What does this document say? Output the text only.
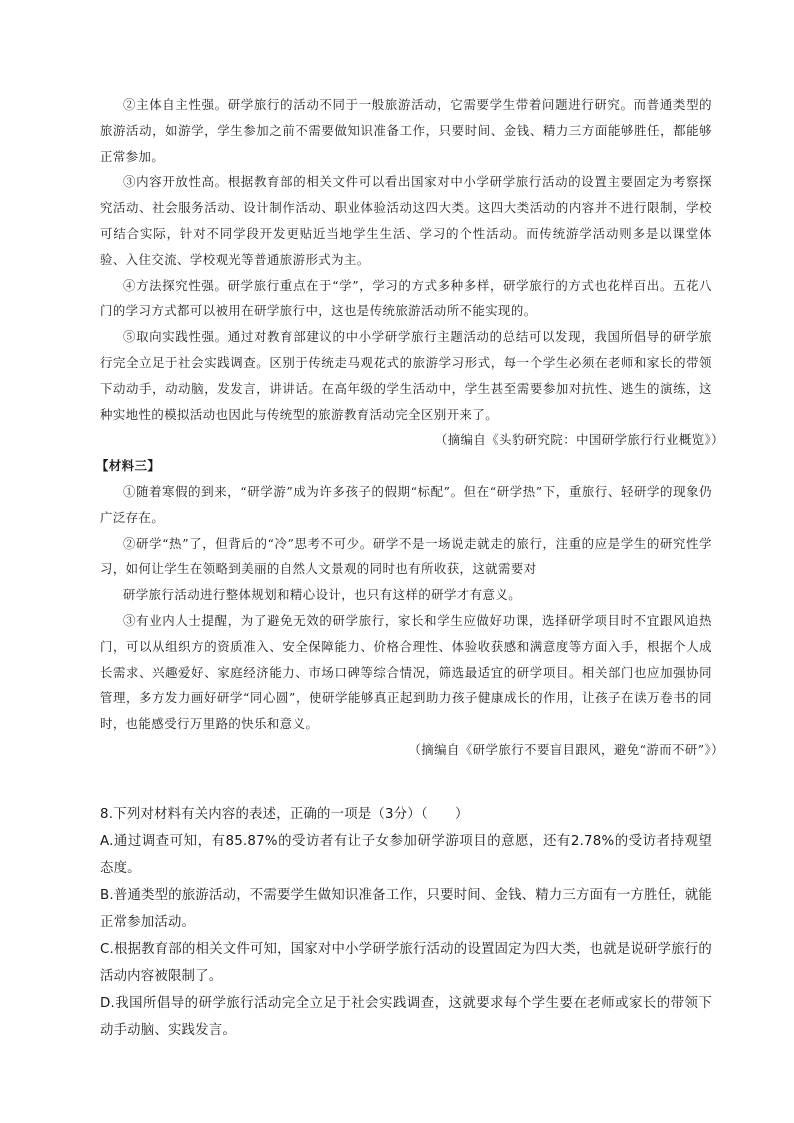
②主体自主性强。研学旅行的活动不同于一般旅游活动，它需要学生带着问题进行研究。而普通类型的旅游活动，如游学，学生参加之前不需要做知识准备工作，只要时间、金钱、精力三方面能够胜任，都能够正常参加。

③内容开放性高。根据教育部的相关文件可以看出国家对中小学研学旅行活动的设置主要固定为考察探究活动、社会服务活动、设计制作活动、职业体验活动这四大类。这四大类活动的内容并不进行限制，学校可结合实际，针对不同学段开发更贴近当地学生生活、学习的个性活动。而传统游学活动则多是以课堂体验、入住交流、学校观光等普通旅游形式为主。

④方法探究性强。研学旅行重点在于“学”，学习的方式多种多样，研学旅行的方式也花样百出。五花八门的学习方式都可以被用在研学旅行中，这也是传统旅游活动所不能实现的。

⑤取向实践性强。通过对教育部建议的中小学研学旅行主题活动的总结可以发现，我国所倡导的研学旅行完全立足于社会实践调查。区别于传统走马观花式的旅游学习形式，每一个学生必须在老师和家长的带领下动动手，动动脑，发发言，讲讲话。在高年级的学生活动中，学生甚至需要参加对抗性、逃生的演练，这种实地性的模拟活动也因此与传统型的旅游教育活动完全区别开来了。

（摘编自《头豹研究院：中国研学旅行行业概览》）

【材料三】

①随着寒假的到来，“研学游”成为许多孩子的假期“标配”。但在“研学热”下，重旅行、轻研学的现象仍广泛存在。

②研学“热”了，但背后的“冷”思考不可少。研学不是一场说走就走的旅行，注重的应是学生的研究性学习，如何让学生在领略到美丽的自然人文景观的同时也有所收获，这就需要对

研学旅行活动进行整体规划和精心设计，也只有这样的研学才有意义。

③有业内人士提醒，为了避免无效的研学旅行，家长和学生应做好功课，选择研学项目时不宜跟风追热门，可以从组织方的资质准入、安全保障能力、价格合理性、体验收获感和满意度等方面入手，根据个人成长需求、兴趣爱好、家庭经济能力、市场口碑等综合情况，筛选最适宜的研学项目。相关部门也应加强协同管理，多方发力画好研学“同心圆”，使研学能够真正起到助力孩子健康成长的作用，让孩子在读万卷书的同时，也能感受行万里路的快乐和意义。

（摘编自《研学旅行不要盲目跟风，避免“游而不研”》）

8.下列对材料有关内容的表述，正确的一项是（3分）（　　）

A.通过调查可知，有85.87%的受访者有让子女参加研学游项目的意愿，还有2.78%的受访者持观望态度。

B.普通类型的旅游活动，不需要学生做知识准备工作，只要时间、金钱、精力三方面有一方胜任，就能正常参加活动。

C.根据教育部的相关文件可知，国家对中小学研学旅行活动的设置固定为四大类，也就是说研学旅行的活动内容被限制了。

D.我国所倡导的研学旅行活动完全立足于社会实践调查，这就要求每个学生要在老师或家长的带领下动手动脑、实践发言。
